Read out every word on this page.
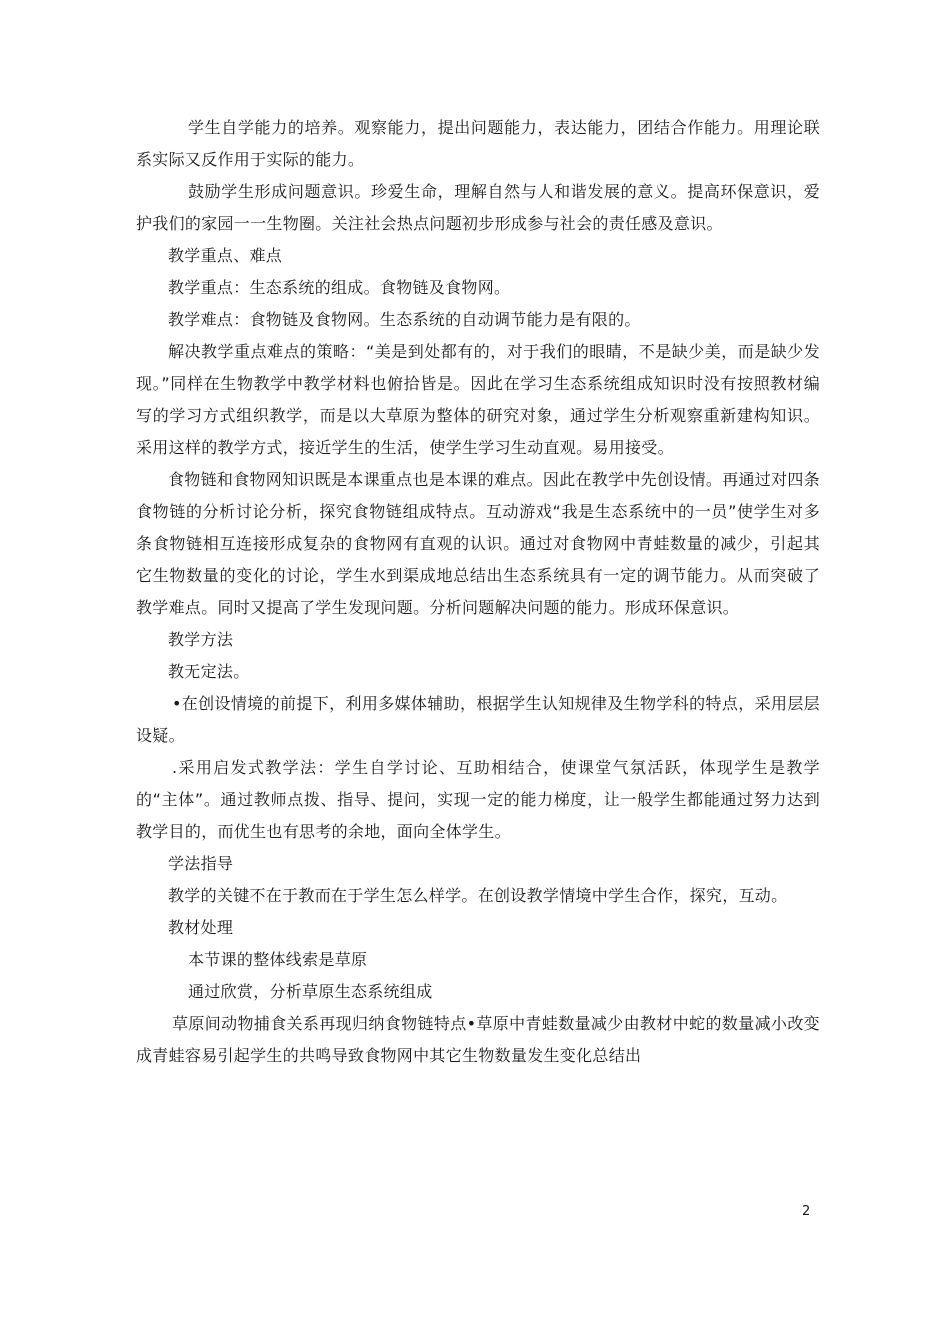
学生自学能力的培养。观察能力，提出问题能力，表达能力，团结合作能力。用理论联系实际又反作用于实际的能力。

鼓励学生形成问题意识。珍爱生命，理解自然与人和谐发展的意义。提高环保意识，爱护我们的家园一一生物圈。关注社会热点问题初步形成参与社会的责任感及意识。

教学重点、难点

教学重点：生态系统的组成。食物链及食物网。

教学难点：食物链及食物网。生态系统的自动调节能力是有限的。

解决教学重点难点的策略：“美是到处都有的，对于我们的眼睛，不是缺少美，而是缺少发现。”同样在生物教学中教学材料也俯拾皆是。因此在学习生态系统组成知识时没有按照教材编写的学习方式组织教学，而是以大草原为整体的研究对象，通过学生分析观察重新建构知识。采用这样的教学方式，接近学生的生活，使学生学习生动直观。易用接受。

食物链和食物网知识既是本课重点也是本课的难点。因此在教学中先创设情。再通过对四条食物链的分析讨论分析，探究食物链组成特点。互动游戏“我是生态系统中的一员”使学生对多条食物链相互连接形成复杂的食物网有直观的认识。通过对食物网中青蛙数量的减少，引起其它生物数量的变化的讨论，学生水到渠成地总结出生态系统具有一定的调节能力。从而突破了教学难点。同时又提高了学生发现问题。分析问题解决问题的能力。形成环保意识。

教学方法

教无定法。

•在创设情境的前提下，利用多媒体辅助，根据学生认知规律及生物学科的特点，采用层层设疑。

.采用启发式教学法：学生自学讨论、互助相结合，使课堂气氛活跃，体现学生是教学的“主体”。通过教师点拨、指导、提问，实现一定的能力梯度，让一般学生都能通过努力达到教学目的，而优生也有思考的余地，面向全体学生。

学法指导

教学的关键不在于教而在于学生怎么样学。在创设教学情境中学生合作，探究，互动。

教材处理

本节课的整体线索是草原

通过欣赏，分析草原生态系统组成

草原间动物捕食关系再现归纳食物链特点•草原中青蛙数量减少由教材中蛇的数量减小改变成青蛙容易引起学生的共鸣导致食物网中其它生物数量发生变化总结出

2
